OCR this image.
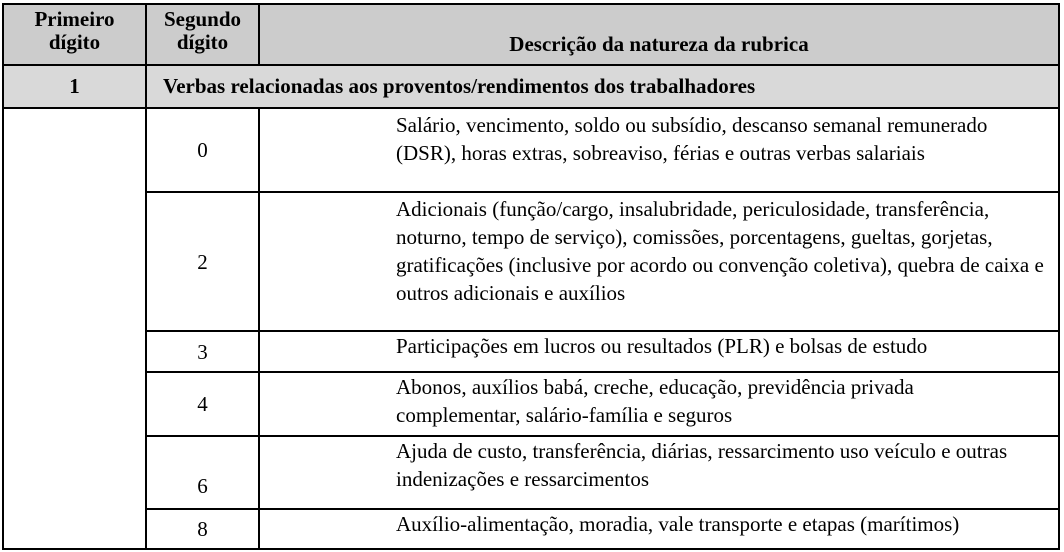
Primeiro
dígito	Segundo
dígito	Descrição da natureza da rubrica
1	Verbas relacionadas aos proventos/rendimentos dos trabalhadores	
	0	Salário, vencimento, soldo ou subsídio, descanso semanal remunerado
(DSR), horas extras, sobreaviso, férias e outras verbas salariais

	2	Adicionais (função/cargo, insalubridade, periculosidade, transferência,
noturno, tempo de serviço), comissões, porcentagens, gueltas, gorjetas,
gratificações (inclusive por acordo ou convenção coletiva), quebra de caixa e
outros adicionais e auxílios

	3	Participações em lucros ou resultados (PLR) e bolsas de estudo

	4	Abonos, auxílios babá, creche, educação, previdência privada
complementar, salário-família e seguros

	6	Ajuda de custo, transferência, diárias, ressarcimento uso veículo e outras
indenizações e ressarcimentos

	8	Auxílio-alimentação, moradia, vale transporte e etapas (marítimos)
